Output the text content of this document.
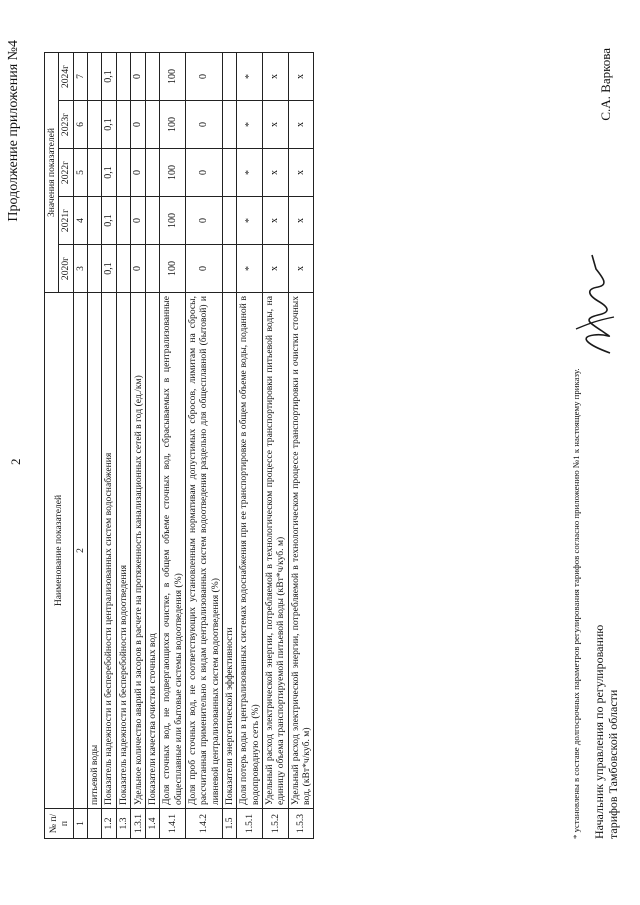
2
Продолжение приложения №4
№ п/п	Наименование показателей	Значения показателей				
		2020г	2021г	2022г	2023г	2024г
1	2	3	4	5	6	7
	питьевой воды					
1.2	Показатель надежности и бесперебойности централизованных систем водоснабжения	0,1	0,1	0,1	0,1	0,1
1.3	Показатель надежности и бесперебойности водоотведения					
1.3.1	Удельное количество аварий и засоров в расчете на протяженность канализационных сетей в год (ед./км)	0	0	0	0	0
1.4	Показатели качества очистки сточных вод					
1.4.1	Доля сточных вод, не подвергающихся очистке, в общем объеме сточных вод, сбрасываемых в централизованные общесплавные или бытовые системы водоотведения (%)	100	100	100	100	100
1.4.2	Доля проб сточных вод, не соответствующих установленным нормативам допустимых сбросов, лимитам на сбросы, рассчитанная применительно к видам централизованных систем водоотведения раздельно для общесплавной (бытовой) и ливневой централизованных систем водоотведения (%)	0	0	0	0	0
1.5	Показатели энергетической эффективности					
1.5.1	Доля потерь воды в централизованных системах водоснабжения при ее транспортировке в общем объеме воды, поданной в водопроводную сеть (%)	*	*	*	*	*
1.5.2	Удельный расход электрической энергии, потребляемой в технологическом процессе транспортировки питьевой воды, на единицу объема транспортируемой питьевой воды (кВт*ч/куб. м)	x	x	x	x	x
1.5.3	Удельный расход электрической энергии, потребляемой в технологическом процессе транспортировки и очистки сточных вод, (кВт*ч/куб. м)	x	x	x	x	x
* установлены в составе долгосрочных параметров регулирования тарифов согласно приложению №1 к настоящему приказу. Начальник управления по регулированию тарифов Тамбовской области
С.А. Варкова
